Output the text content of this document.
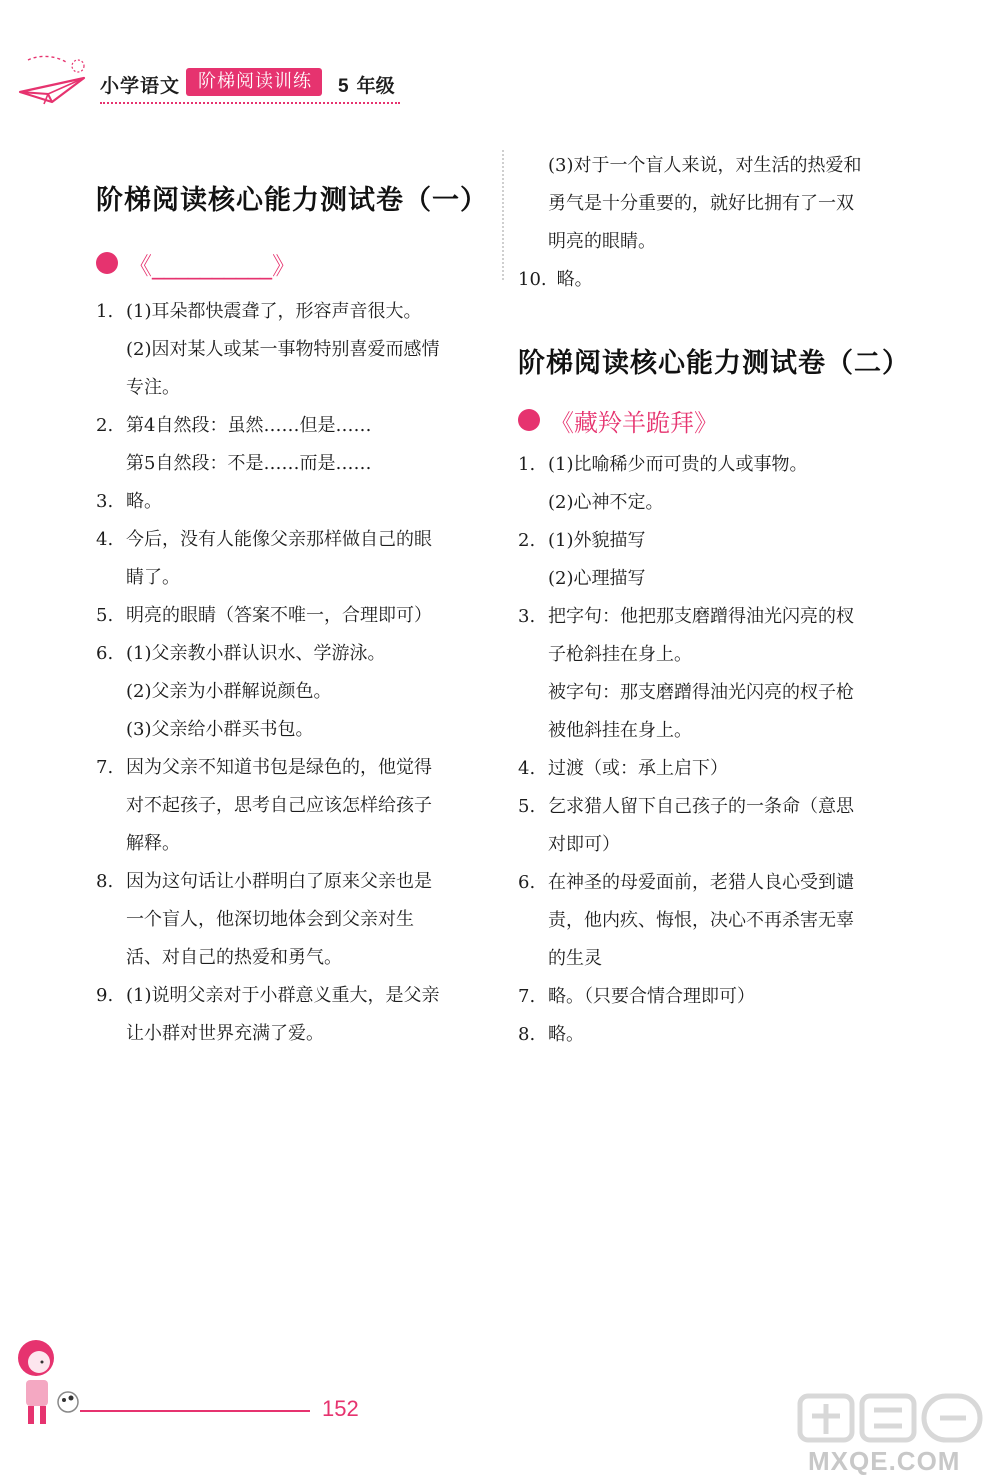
小学语文 阶梯阅读训练	5 年级
阶梯阅读核心能力测试卷（一）
《__________》
1. (1)耳朵都快震聋了，形容声音很大。
(2)因对某人或某一事物特别喜爱而感情
专注。
2. 第4自然段：虽然……但是……
第5自然段：不是……而是……
3. 略。
4. 今后，没有人能像父亲那样做自己的眼
睛了。
5. 明亮的眼睛（答案不唯一，合理即可）
6. (1)父亲教小群认识水、学游泳。
(2)父亲为小群解说颜色。
(3)父亲给小群买书包。
7. 因为父亲不知道书包是绿色的，他觉得
对不起孩子，思考自己应该怎样给孩子
解释。
8. 因为这句话让小群明白了原来父亲也是
一个盲人，他深切地体会到父亲对生
活、对自己的热爱和勇气。
9. (1)说明父亲对于小群意义重大，是父亲
让小群对世界充满了爱。
(3)对于一个盲人来说，对生活的热爱和
勇气是十分重要的，就好比拥有了一双
明亮的眼睛。
10. 略。
阶梯阅读核心能力测试卷（二）
《藏羚羊跪拜》
1. (1)比喻稀少而可贵的人或事物。
(2)心神不定。
2. (1)外貌描写
(2)心理描写
3. 把字句：他把那支磨蹭得油光闪亮的杈
子枪斜挂在身上。
被字句：那支磨蹭得油光闪亮的杈子枪
被他斜挂在身上。
4. 过渡（或：承上启下）
5. 乞求猎人留下自己孩子的一条命（意思
对即可）
6. 在神圣的母爱面前，老猎人良心受到谴
责，他内疚、悔恨，决心不再杀害无辜
的生灵
7. 略。（只要合情合理即可）
8. 略。
152
MXQE.COM
